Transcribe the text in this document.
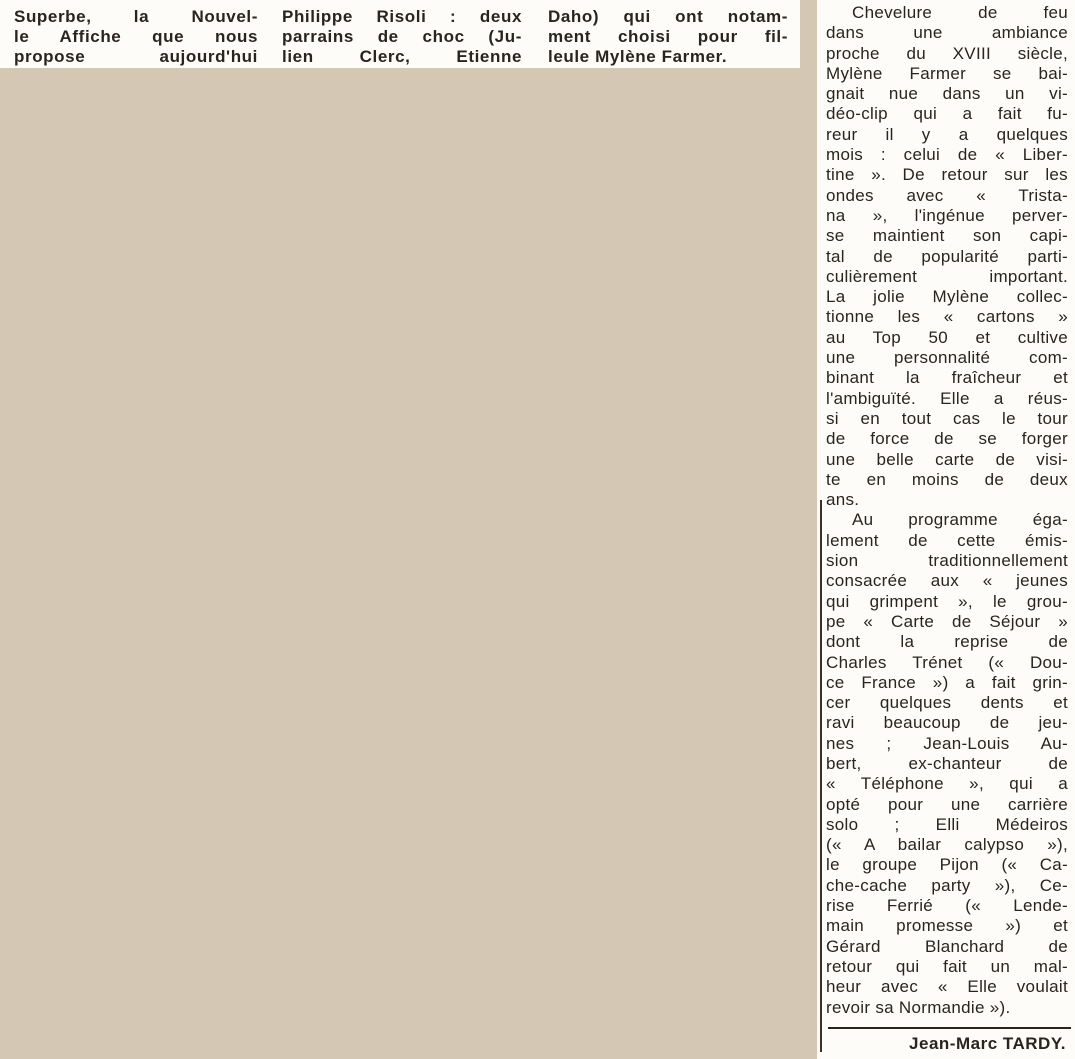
Superbe, la Nouvel-
le Affiche que nous
propose aujourd'hui
Philippe Risoli : deux
parrains de choc (Ju-
lien Clerc, Etienne
Daho) qui ont notam-
ment choisi pour fil-
leule Mylène Farmer.
Chevelure de feu
dans une ambiance
proche du XVIII siècle,
Mylène Farmer se bai-
gnait nue dans un vi-
déo-clip qui a fait fu-
reur il y a quelques
mois : celui de « Liber-
tine ». De retour sur les
ondes avec « Trista-
na », l'ingénue perver-
se maintient son capi-
tal de popularité parti-
culièrement important.
La jolie Mylène collec-
tionne les « cartons »
au Top 50 et cultive
une personnalité com-
binant la fraîcheur et
l'ambiguïté. Elle a réus-
si en tout cas le tour
de force de se forger
une belle carte de visi-
te en moins de deux
ans.
Au programme éga-
lement de cette émis-
sion traditionnellement
consacrée aux « jeunes
qui grimpent », le grou-
pe « Carte de Séjour »
dont la reprise de
Charles Trénet (« Dou-
ce France ») a fait grin-
cer quelques dents et
ravi beaucoup de jeu-
nes ; Jean-Louis Au-
bert, ex-chanteur de
« Téléphone », qui a
opté pour une carrière
solo ; Elli Médeiros
(« A bailar calypso »),
le groupe Pijon (« Ca-
che-cache party »), Ce-
rise Ferrié (« Lende-
main promesse ») et
Gérard Blanchard de
retour qui fait un mal-
heur avec « Elle voulait
revoir sa Normandie »).
Jean-Marc TARDY.
